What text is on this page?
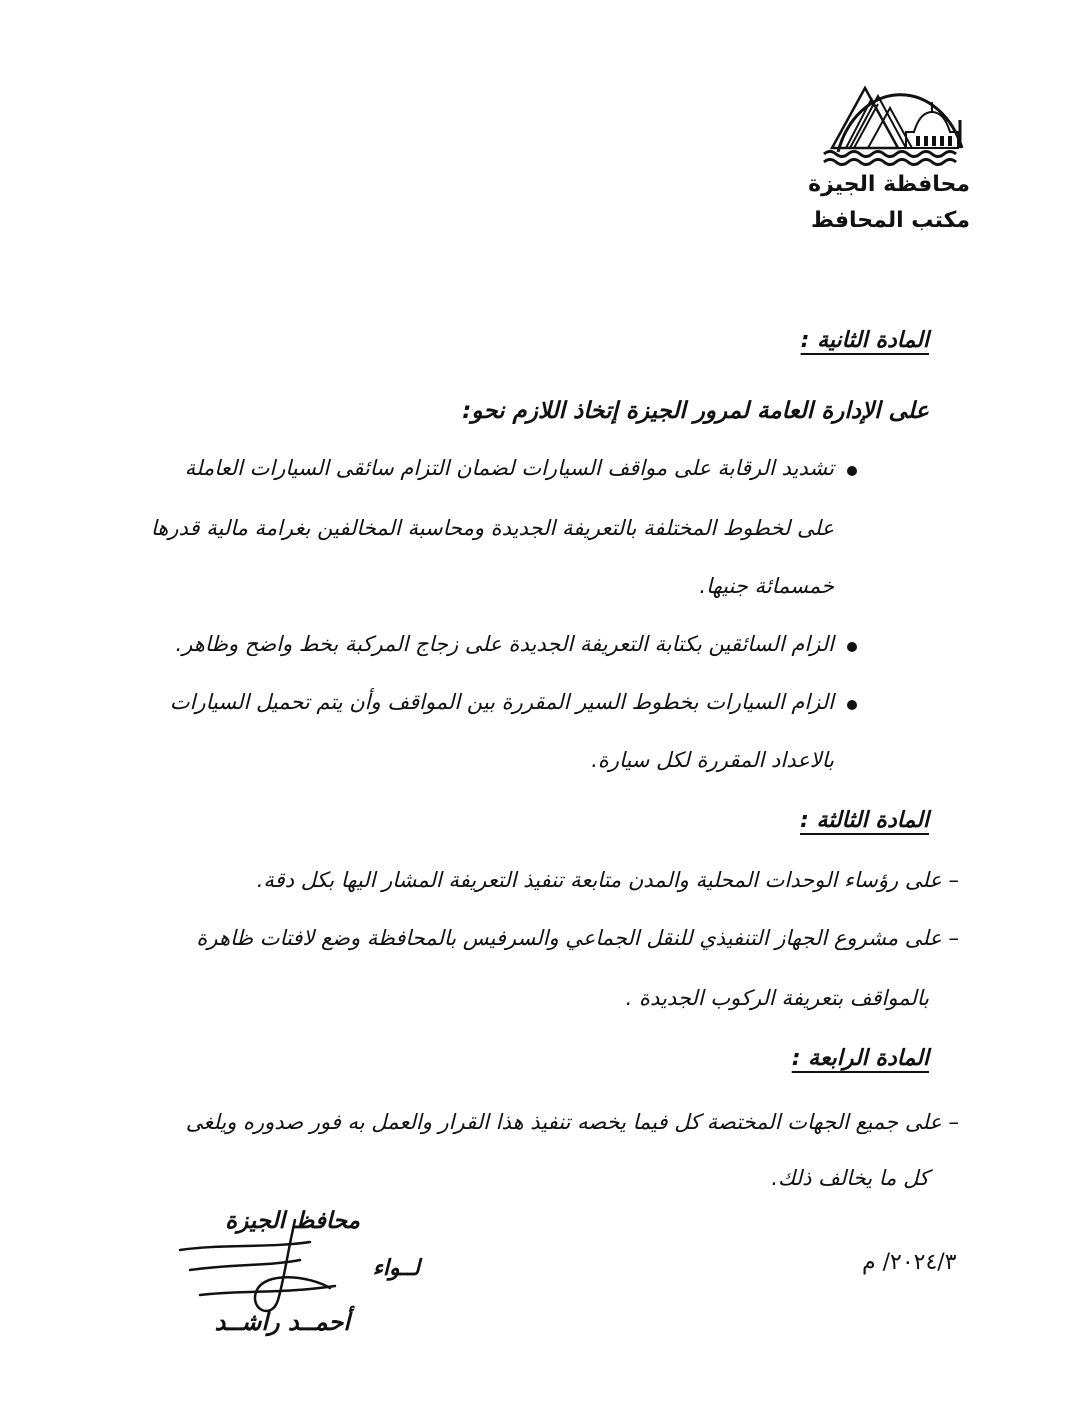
محافظة الجيزة
مكتب المحافظ
المادة الثانية :
على الإدارة العامة لمرور الجيزة إتخاذ اللازم نحو:
تشديد الرقابة على مواقف السيارات لضمان التزام سائقى السيارات العاملة
على لخطوط المختلفة بالتعريفة الجديدة ومحاسبة المخالفين بغرامة مالية قدرها
خمسمائة جنيها.
الزام السائقين بكتابة التعريفة الجديدة على زجاج المركبة بخط واضح وظاهر.
الزام السيارات بخطوط السير المقررة بين المواقف وأن يتم تحميل السيارات
بالاعداد المقررة لكل سيارة.
المادة الثالثة :
– على رؤساء الوحدات المحلية والمدن متابعة تنفيذ التعريفة المشار اليها بكل دقة.
– على مشروع الجهاز التنفيذي للنقل الجماعي والسرفيس بالمحافظة وضع لافتات ظاهرة
بالمواقف بتعريفة الركوب الجديدة .
المادة الرابعة :
– على جميع الجهات المختصة كل فيما يخصه تنفيذ هذا القرار والعمل به فور صدوره ويلغى
كل ما يخالف ذلك.
٢٠٢٤/٣/ م
محافظ الجيزة
لــواء
أحمــد راشــد
